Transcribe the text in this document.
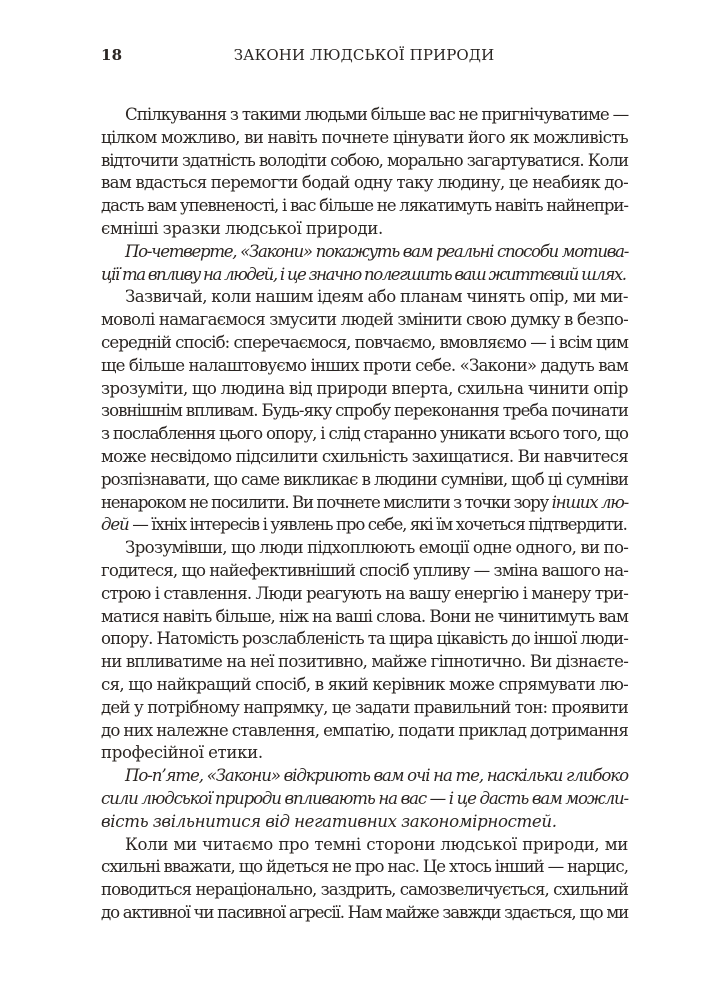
18	ЗАКОНИ ЛЮДСЬКОЇ ПРИРОДИ

Спілкування з такими людьми більше вас не пригнічуватиме —
цілком можливо, ви навіть почнете цінувати його як можливість
відточити здатність володіти собою, морально загартуватися. Коли
вам вдасться перемогти бодай одну таку людину, це неабияк до-
дасть вам упевненості, і вас більше не лякатимуть навіть найнепри-
ємніші зразки людської природи.

По-четверте, «Закони» покажуть вам реальні способи мотива-
ції та впливу на людей, і це значно полегшить ваш життєвий шлях.

Зазвичай, коли нашим ідеям або планам чинять опір, ми ми-
моволі намагаємося змусити людей змінити свою думку в безпо-
середній спосіб: сперечаємося, повчаємо, вмовляємо — і всім цим
ще більше налаштовуємо інших проти себе. «Закони» дадуть вам
зрозуміти, що людина від природи вперта, схильна чинити опір
зовнішнім впливам. Будь-яку спробу переконання треба починати
з послаблення цього опору, і слід старанно уникати всього того, що
може несвідомо підсилити схильність захищатися. Ви навчитеся
розпізнавати, що саме викликає в людини сумніви, щоб ці сумніви
ненароком не посилити. Ви почнете мислити з точки зору інших лю-
дей — їхніх інтересів і уявлень про себе, які їм хочеться підтвердити.

Зрозумівши, що люди підхоплюють емоції одне одного, ви по-
годитеся, що найефективніший спосіб упливу — зміна вашого на-
строю і ставлення. Люди реагують на вашу енергію і манеру три-
матися навіть більше, ніж на ваші слова. Вони не чинитимуть вам
опору. Натомість розслабленість та щира цікавість до іншої люди-
ни впливатиме на неї позитивно, майже гіпнотично. Ви дізнаєте-
ся, що найкращий спосіб, в який керівник може спрямувати лю-
дей у потрібному напрямку, це задати правильний тон: проявити
до них належне ставлення, емпатію, подати приклад дотримання
професійної етики.

По-п’яте, «Закони» відкриють вам очі на те, наскільки глибоко
сили людської природи впливають на вас — і це дасть вам можли-
вість звільнитися від негативних закономірностей.

Коли ми читаємо про темні сторони людської природи, ми
схильні вважати, що йдеться не про нас. Це хтось інший — нарцис,
поводиться нераціонально, заздрить, самозвеличується, схильний
до активної чи пасивної агресії. Нам майже завжди здається, що ми
